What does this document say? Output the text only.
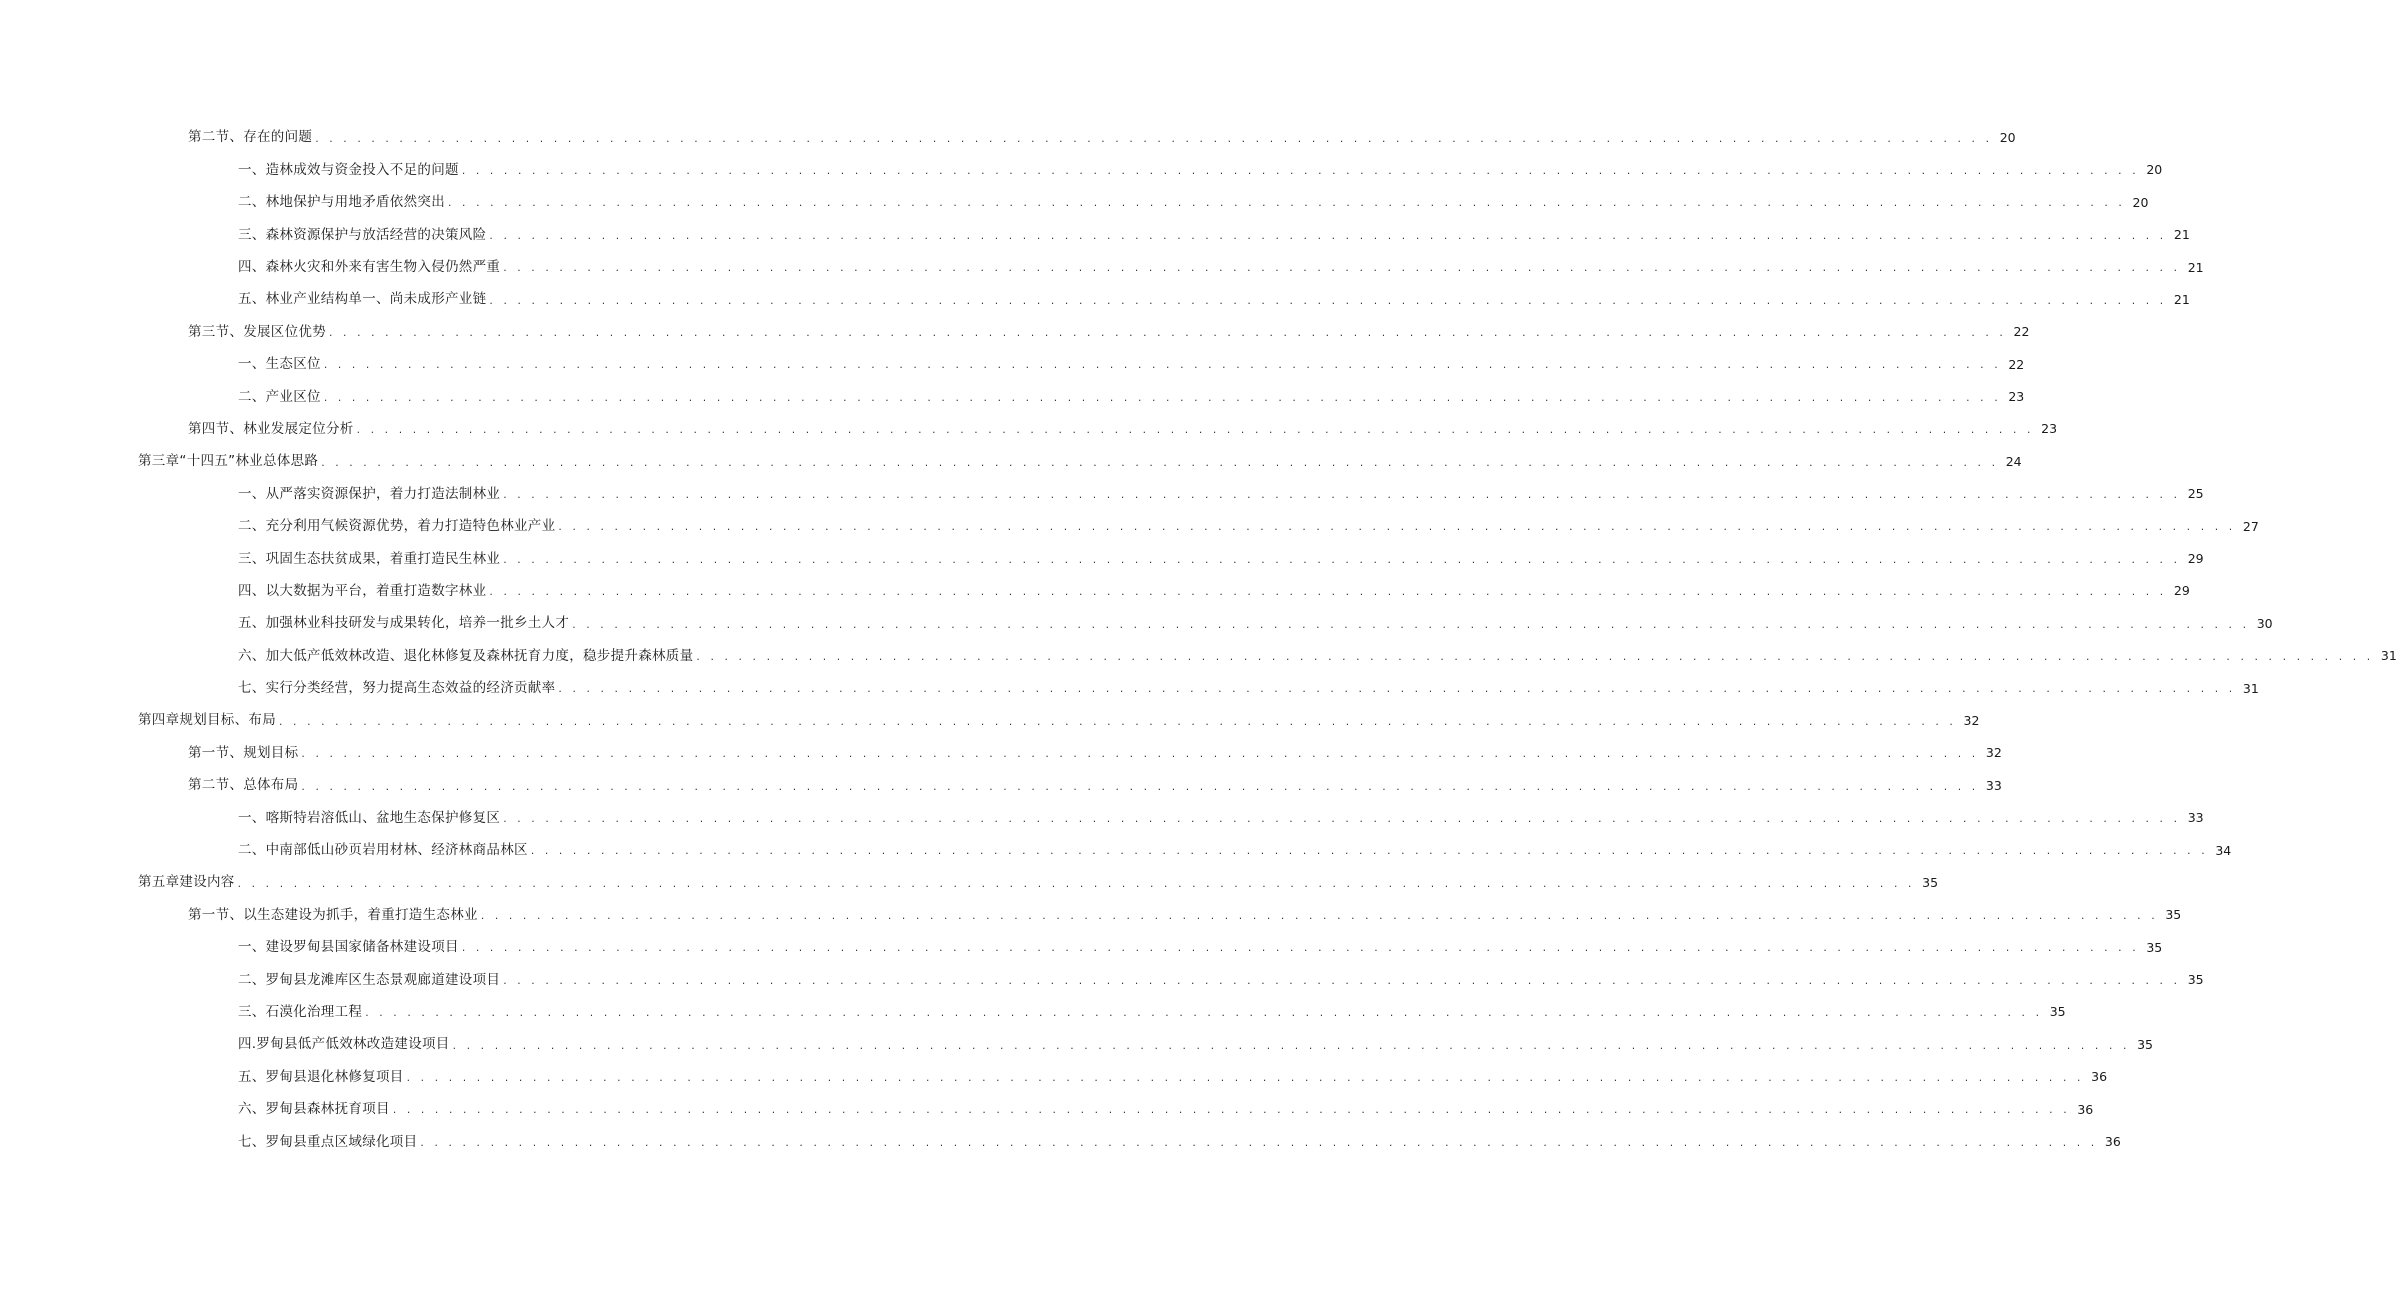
第二节、存在的问题 . . . . . . . . . . . . . . . . . . . . . . . . . . . . . . . . . . . . . . . . . . . . . . . . . . . . . . . . . . . . . . . . . . . . . . . . . . . . . . . . . . . . . . . . . . . . . . . . . . . . . . . . . . . . . . . . . . . . . . . . 20
一、造林成效与资金投入不足的问题 . . . . . . . . . . . . . . . . . . . . . . . . . . . . . . . . . . . . . . . . . . . . . . . . . . . . . . . . . . . . . . . . . . . . . . . . . . . . . . . . . . . . . . . . . . . . . . . . . . . . . . . . . . . . . . . . . . . . . . . . 20
二、林地保护与用地矛盾依然突出 . . . . . . . . . . . . . . . . . . . . . . . . . . . . . . . . . . . . . . . . . . . . . . . . . . . . . . . . . . . . . . . . . . . . . . . . . . . . . . . . . . . . . . . . . . . . . . . . . . . . . . . . . . . . . . . . . . . . . . . . 20
三、森林资源保护与放活经营的决策风险 . . . . . . . . . . . . . . . . . . . . . . . . . . . . . . . . . . . . . . . . . . . . . . . . . . . . . . . . . . . . . . . . . . . . . . . . . . . . . . . . . . . . . . . . . . . . . . . . . . . . . . . . . . . . . . . . . . . . . . . . 21
四、森林火灾和外来有害生物入侵仍然严重 . . . . . . . . . . . . . . . . . . . . . . . . . . . . . . . . . . . . . . . . . . . . . . . . . . . . . . . . . . . . . . . . . . . . . . . . . . . . . . . . . . . . . . . . . . . . . . . . . . . . . . . . . . . . . . . . . . . . . . . . 21
五、林业产业结构单一、尚未成形产业链 . . . . . . . . . . . . . . . . . . . . . . . . . . . . . . . . . . . . . . . . . . . . . . . . . . . . . . . . . . . . . . . . . . . . . . . . . . . . . . . . . . . . . . . . . . . . . . . . . . . . . . . . . . . . . . . . . . . . . . . . 21
第三节、发展区位优势 . . . . . . . . . . . . . . . . . . . . . . . . . . . . . . . . . . . . . . . . . . . . . . . . . . . . . . . . . . . . . . . . . . . . . . . . . . . . . . . . . . . . . . . . . . . . . . . . . . . . . . . . . . . . . . . . . . . . . . . . 22
一、生态区位 . . . . . . . . . . . . . . . . . . . . . . . . . . . . . . . . . . . . . . . . . . . . . . . . . . . . . . . . . . . . . . . . . . . . . . . . . . . . . . . . . . . . . . . . . . . . . . . . . . . . . . . . . . . . . . . . . . . . . . . . 22
二、产业区位 . . . . . . . . . . . . . . . . . . . . . . . . . . . . . . . . . . . . . . . . . . . . . . . . . . . . . . . . . . . . . . . . . . . . . . . . . . . . . . . . . . . . . . . . . . . . . . . . . . . . . . . . . . . . . . . . . . . . . . . . 23
第四节、林业发展定位分析 . . . . . . . . . . . . . . . . . . . . . . . . . . . . . . . . . . . . . . . . . . . . . . . . . . . . . . . . . . . . . . . . . . . . . . . . . . . . . . . . . . . . . . . . . . . . . . . . . . . . . . . . . . . . . . . . . . . . . . . . 23
第三章“十四五”林业总体思路 . . . . . . . . . . . . . . . . . . . . . . . . . . . . . . . . . . . . . . . . . . . . . . . . . . . . . . . . . . . . . . . . . . . . . . . . . . . . . . . . . . . . . . . . . . . . . . . . . . . . . . . . . . . . . . . . . . . . . . . . 24
一、从严落实资源保护，着力打造法制林业 . . . . . . . . . . . . . . . . . . . . . . . . . . . . . . . . . . . . . . . . . . . . . . . . . . . . . . . . . . . . . . . . . . . . . . . . . . . . . . . . . . . . . . . . . . . . . . . . . . . . . . . . . . . . . . . . . . . . . . . . 25
二、充分利用气候资源优势，着力打造特色林业产业 . . . . . . . . . . . . . . . . . . . . . . . . . . . . . . . . . . . . . . . . . . . . . . . . . . . . . . . . . . . . . . . . . . . . . . . . . . . . . . . . . . . . . . . . . . . . . . . . . . . . . . . . . . . . . . . . . . . . . . . . 27
三、巩固生态扶贫成果，着重打造民生林业 . . . . . . . . . . . . . . . . . . . . . . . . . . . . . . . . . . . . . . . . . . . . . . . . . . . . . . . . . . . . . . . . . . . . . . . . . . . . . . . . . . . . . . . . . . . . . . . . . . . . . . . . . . . . . . . . . . . . . . . . 29
四、以大数据为平台，着重打造数字林业 . . . . . . . . . . . . . . . . . . . . . . . . . . . . . . . . . . . . . . . . . . . . . . . . . . . . . . . . . . . . . . . . . . . . . . . . . . . . . . . . . . . . . . . . . . . . . . . . . . . . . . . . . . . . . . . . . . . . . . . . 29
五、加强林业科技研发与成果转化，培养一批乡土人才 . . . . . . . . . . . . . . . . . . . . . . . . . . . . . . . . . . . . . . . . . . . . . . . . . . . . . . . . . . . . . . . . . . . . . . . . . . . . . . . . . . . . . . . . . . . . . . . . . . . . . . . . . . . . . . . . . . . . . . . . 30
六、加大低产低效林改造、退化林修复及森林抚育力度，稳步提升森林质量 . . . . . . . . . . . . . . . . . . . . . . . . . . . . . . . . . . . . . . . . . . . . . . . . . . . . . . . . . . . . . . . . . . . . . . . . . . . . . . . . . . . . . . . . . . . . . . . . . . . . . . . . . . . . . . . . . . . . . . . . 31
七、实行分类经营，努力提高生态效益的经济贡献率 . . . . . . . . . . . . . . . . . . . . . . . . . . . . . . . . . . . . . . . . . . . . . . . . . . . . . . . . . . . . . . . . . . . . . . . . . . . . . . . . . . . . . . . . . . . . . . . . . . . . . . . . . . . . . . . . . . . . . . . . 31
第四章规划目标、布局 . . . . . . . . . . . . . . . . . . . . . . . . . . . . . . . . . . . . . . . . . . . . . . . . . . . . . . . . . . . . . . . . . . . . . . . . . . . . . . . . . . . . . . . . . . . . . . . . . . . . . . . . . . . . . . . . . . . . . . . . 32
第一节、规划目标 . . . . . . . . . . . . . . . . . . . . . . . . . . . . . . . . . . . . . . . . . . . . . . . . . . . . . . . . . . . . . . . . . . . . . . . . . . . . . . . . . . . . . . . . . . . . . . . . . . . . . . . . . . . . . . . . . . . . . . . . 32
第二节、总体布局 . . . . . . . . . . . . . . . . . . . . . . . . . . . . . . . . . . . . . . . . . . . . . . . . . . . . . . . . . . . . . . . . . . . . . . . . . . . . . . . . . . . . . . . . . . . . . . . . . . . . . . . . . . . . . . . . . . . . . . . . 33
一、喀斯特岩溶低山、盆地生态保护修复区 . . . . . . . . . . . . . . . . . . . . . . . . . . . . . . . . . . . . . . . . . . . . . . . . . . . . . . . . . . . . . . . . . . . . . . . . . . . . . . . . . . . . . . . . . . . . . . . . . . . . . . . . . . . . . . . . . . . . . . . . 33
二、中南部低山砂页岩用材林、经济林商品林区 . . . . . . . . . . . . . . . . . . . . . . . . . . . . . . . . . . . . . . . . . . . . . . . . . . . . . . . . . . . . . . . . . . . . . . . . . . . . . . . . . . . . . . . . . . . . . . . . . . . . . . . . . . . . . . . . . . . . . . . . 34
第五章建设内容 . . . . . . . . . . . . . . . . . . . . . . . . . . . . . . . . . . . . . . . . . . . . . . . . . . . . . . . . . . . . . . . . . . . . . . . . . . . . . . . . . . . . . . . . . . . . . . . . . . . . . . . . . . . . . . . . . . . . . . . . 35
第一节、以生态建设为抓手，着重打造生态林业 . . . . . . . . . . . . . . . . . . . . . . . . . . . . . . . . . . . . . . . . . . . . . . . . . . . . . . . . . . . . . . . . . . . . . . . . . . . . . . . . . . . . . . . . . . . . . . . . . . . . . . . . . . . . . . . . . . . . . . . . 35
一、建设罗甸县国家储备林建设项目 . . . . . . . . . . . . . . . . . . . . . . . . . . . . . . . . . . . . . . . . . . . . . . . . . . . . . . . . . . . . . . . . . . . . . . . . . . . . . . . . . . . . . . . . . . . . . . . . . . . . . . . . . . . . . . . . . . . . . . . . 35
二、罗甸县龙滩库区生态景观廊道建设项目 . . . . . . . . . . . . . . . . . . . . . . . . . . . . . . . . . . . . . . . . . . . . . . . . . . . . . . . . . . . . . . . . . . . . . . . . . . . . . . . . . . . . . . . . . . . . . . . . . . . . . . . . . . . . . . . . . . . . . . . . 35
三、石漠化治理工程 . . . . . . . . . . . . . . . . . . . . . . . . . . . . . . . . . . . . . . . . . . . . . . . . . . . . . . . . . . . . . . . . . . . . . . . . . . . . . . . . . . . . . . . . . . . . . . . . . . . . . . . . . . . . . . . . . . . . . . . . 35
四.罗甸县低产低效林改造建设项目 . . . . . . . . . . . . . . . . . . . . . . . . . . . . . . . . . . . . . . . . . . . . . . . . . . . . . . . . . . . . . . . . . . . . . . . . . . . . . . . . . . . . . . . . . . . . . . . . . . . . . . . . . . . . . . . . . . . . . . . . 35
五、罗甸县退化林修复项目 . . . . . . . . . . . . . . . . . . . . . . . . . . . . . . . . . . . . . . . . . . . . . . . . . . . . . . . . . . . . . . . . . . . . . . . . . . . . . . . . . . . . . . . . . . . . . . . . . . . . . . . . . . . . . . . . . . . . . . . . 36
六、罗甸县森林抚育项目 . . . . . . . . . . . . . . . . . . . . . . . . . . . . . . . . . . . . . . . . . . . . . . . . . . . . . . . . . . . . . . . . . . . . . . . . . . . . . . . . . . . . . . . . . . . . . . . . . . . . . . . . . . . . . . . . . . . . . . . . 36
七、罗甸县重点区域绿化项目 . . . . . . . . . . . . . . . . . . . . . . . . . . . . . . . . . . . . . . . . . . . . . . . . . . . . . . . . . . . . . . . . . . . . . . . . . . . . . . . . . . . . . . . . . . . . . . . . . . . . . . . . . . . . . . . . . . . . . . . . 36
